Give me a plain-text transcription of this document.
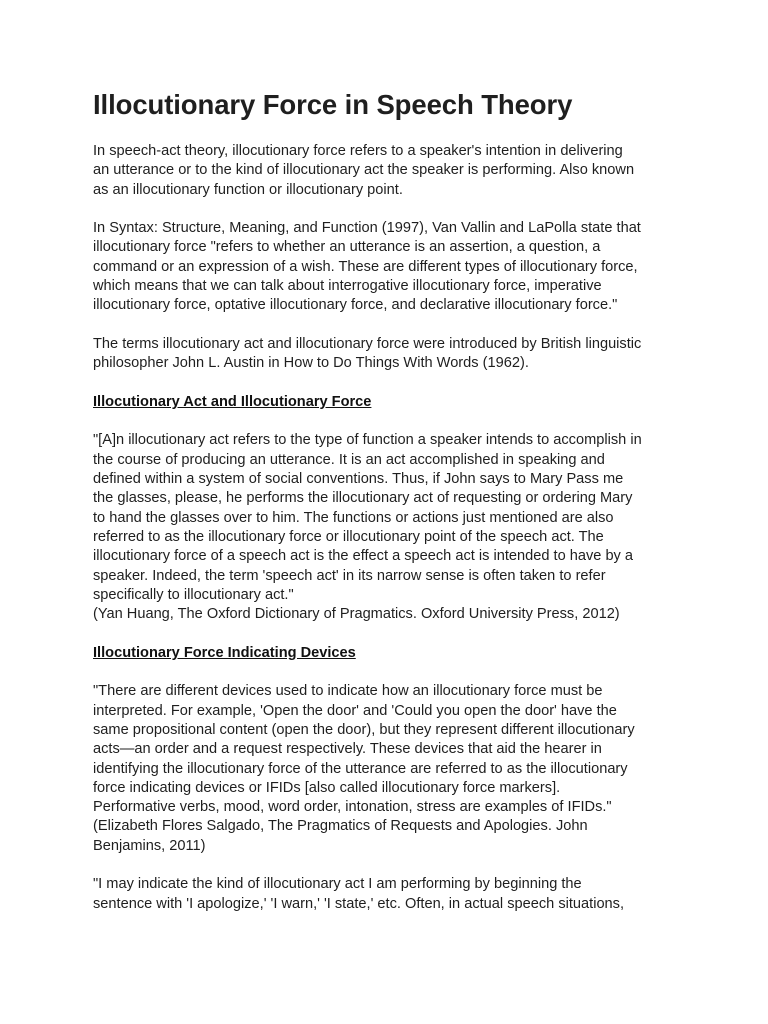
Illocutionary Force in Speech Theory
In speech-act theory, illocutionary force refers to a speaker's intention in delivering
an utterance or to the kind of illocutionary act the speaker is performing. Also known
as an illocutionary function or illocutionary point.
In Syntax: Structure, Meaning, and Function (1997), Van Vallin and LaPolla state that
illocutionary force "refers to whether an utterance is an assertion, a question, a
command or an expression of a wish. These are different types of illocutionary force,
which means that we can talk about interrogative illocutionary force, imperative
illocutionary force, optative illocutionary force, and declarative illocutionary force."
The terms illocutionary act and illocutionary force were introduced by British linguistic
philosopher John L. Austin in How to Do Things With Words (1962).
Illocutionary Act and Illocutionary Force
"[A]n illocutionary act refers to the type of function a speaker intends to accomplish in
the course of producing an utterance. It is an act accomplished in speaking and
defined within a system of social conventions. Thus, if John says to Mary Pass me
the glasses, please, he performs the illocutionary act of requesting or ordering Mary
to hand the glasses over to him. The functions or actions just mentioned are also
referred to as the illocutionary force or illocutionary point of the speech act. The
illocutionary force of a speech act is the effect a speech act is intended to have by a
speaker. Indeed, the term 'speech act' in its narrow sense is often taken to refer
specifically to illocutionary act."
(Yan Huang, The Oxford Dictionary of Pragmatics. Oxford University Press, 2012)
Illocutionary Force Indicating Devices
"There are different devices used to indicate how an illocutionary force must be
interpreted. For example, 'Open the door' and 'Could you open the door' have the
same propositional content (open the door), but they represent different illocutionary
acts—an order and a request respectively. These devices that aid the hearer in
identifying the illocutionary force of the utterance are referred to as the illocutionary
force indicating devices or IFIDs [also called illocutionary force markers].
Performative verbs, mood, word order, intonation, stress are examples of IFIDs."
(Elizabeth Flores Salgado, The Pragmatics of Requests and Apologies. John
Benjamins, 2011)
"I may indicate the kind of illocutionary act I am performing by beginning the
sentence with 'I apologize,' 'I warn,' 'I state,' etc. Often, in actual speech situations,
